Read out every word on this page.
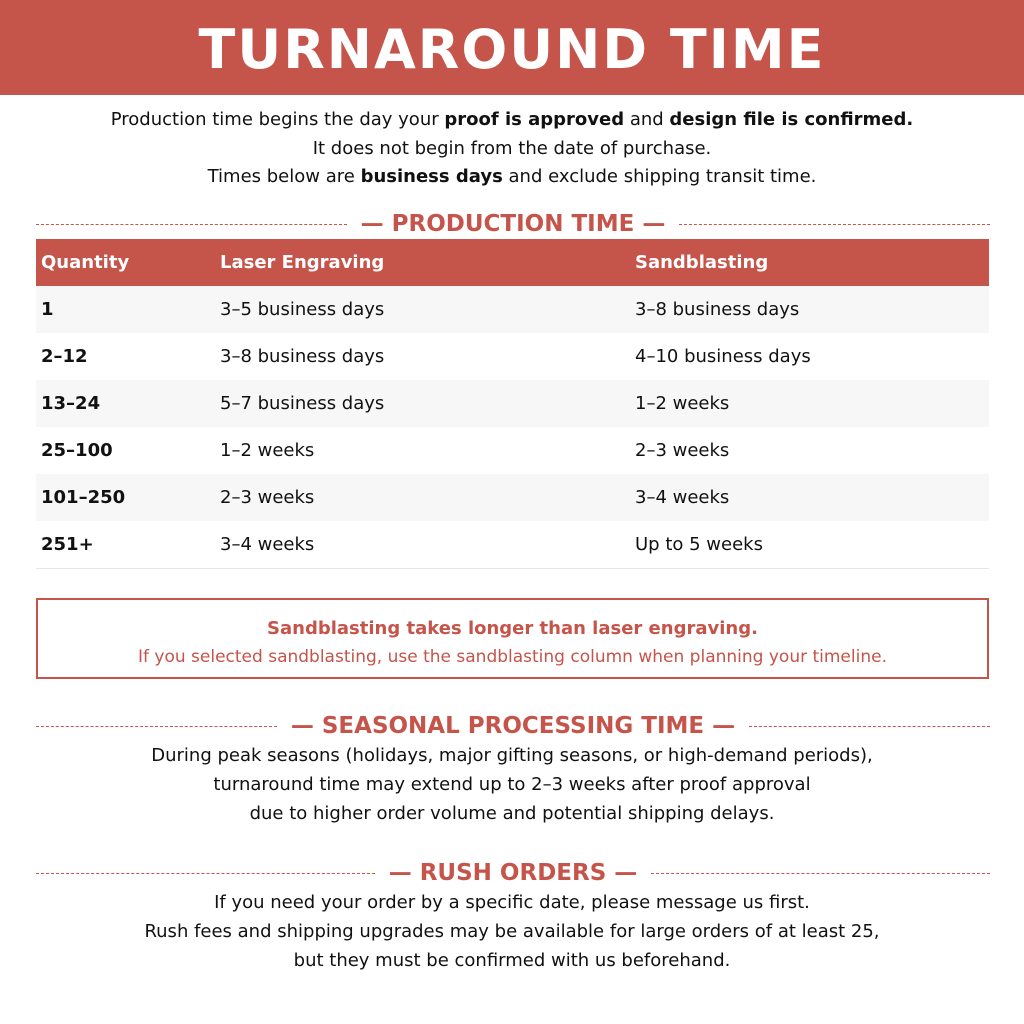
TURNAROUND TIME

Production time begins the day your proof is approved and design file is confirmed.

It does not begin from the date of purchase.

Times below are business days and exclude shipping transit time.

— PRODUCTION TIME —
Quantity	Laser Engraving	Sandblasting
1	3–5 business days	3–8 business days
2–12	3–8 business days	4–10 business days
13–24	5–7 business days	1–2 weeks
25–100	1–2 weeks	2–3 weeks
101–250	2–3 weeks	3–4 weeks
251+	3–4 weeks	Up to 5 weeks
Sandblasting takes longer than laser engraving.
If you selected sandblasting, use the sandblasting column when planning your timeline.
— SEASONAL PROCESSING TIME —

During peak seasons (holidays, major gifting seasons, or high-demand periods),

turnaround time may extend up to 2–3 weeks after proof approval

due to higher order volume and potential shipping delays.

— RUSH ORDERS —

If you need your order by a specific date, please message us first.

Rush fees and shipping upgrades may be available for large orders of at least 25,

but they must be confirmed with us beforehand.
